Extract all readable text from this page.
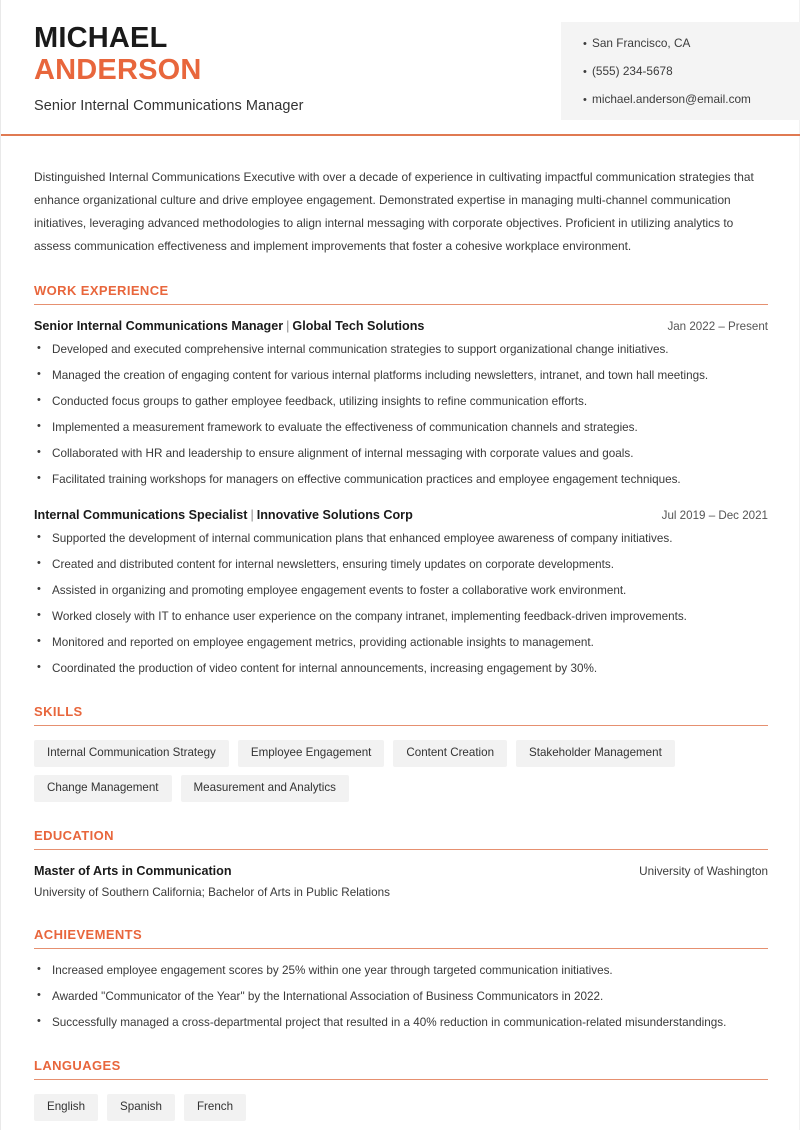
MICHAEL
ANDERSON
Senior Internal Communications Manager
• San Francisco, CA
• (555) 234-5678
• michael.anderson@email.com

Distinguished Internal Communications Executive with over a decade of experience in cultivating impactful communication strategies that enhance organizational culture and drive employee engagement. Demonstrated expertise in managing multi-channel communication initiatives, leveraging advanced methodologies to align internal messaging with corporate objectives. Proficient in utilizing analytics to assess communication effectiveness and implement improvements that foster a cohesive workplace environment.

WORK EXPERIENCE
Senior Internal Communications Manager | Global Tech Solutions	Jan 2022 – Present
• Developed and executed comprehensive internal communication strategies to support organizational change initiatives.
• Managed the creation of engaging content for various internal platforms including newsletters, intranet, and town hall meetings.
• Conducted focus groups to gather employee feedback, utilizing insights to refine communication efforts.
• Implemented a measurement framework to evaluate the effectiveness of communication channels and strategies.
• Collaborated with HR and leadership to ensure alignment of internal messaging with corporate values and goals.
• Facilitated training workshops for managers on effective communication practices and employee engagement techniques.
Internal Communications Specialist | Innovative Solutions Corp	Jul 2019 – Dec 2021
• Supported the development of internal communication plans that enhanced employee awareness of company initiatives.
• Created and distributed content for internal newsletters, ensuring timely updates on corporate developments.
• Assisted in organizing and promoting employee engagement events to foster a collaborative work environment.
• Worked closely with IT to enhance user experience on the company intranet, implementing feedback-driven improvements.
• Monitored and reported on employee engagement metrics, providing actionable insights to management.
• Coordinated the production of video content for internal announcements, increasing engagement by 30%.
SKILLS
Internal Communication Strategy	Employee Engagement	Content Creation	Stakeholder Management
Change Management	Measurement and Analytics
EDUCATION
Master of Arts in Communication	University of Washington
University of Southern California; Bachelor of Arts in Public Relations
ACHIEVEMENTS
• Increased employee engagement scores by 25% within one year through targeted communication initiatives.
• Awarded "Communicator of the Year" by the International Association of Business Communicators in 2022.
• Successfully managed a cross-departmental project that resulted in a 40% reduction in communication-related misunderstandings.
LANGUAGES
English	Spanish	French
